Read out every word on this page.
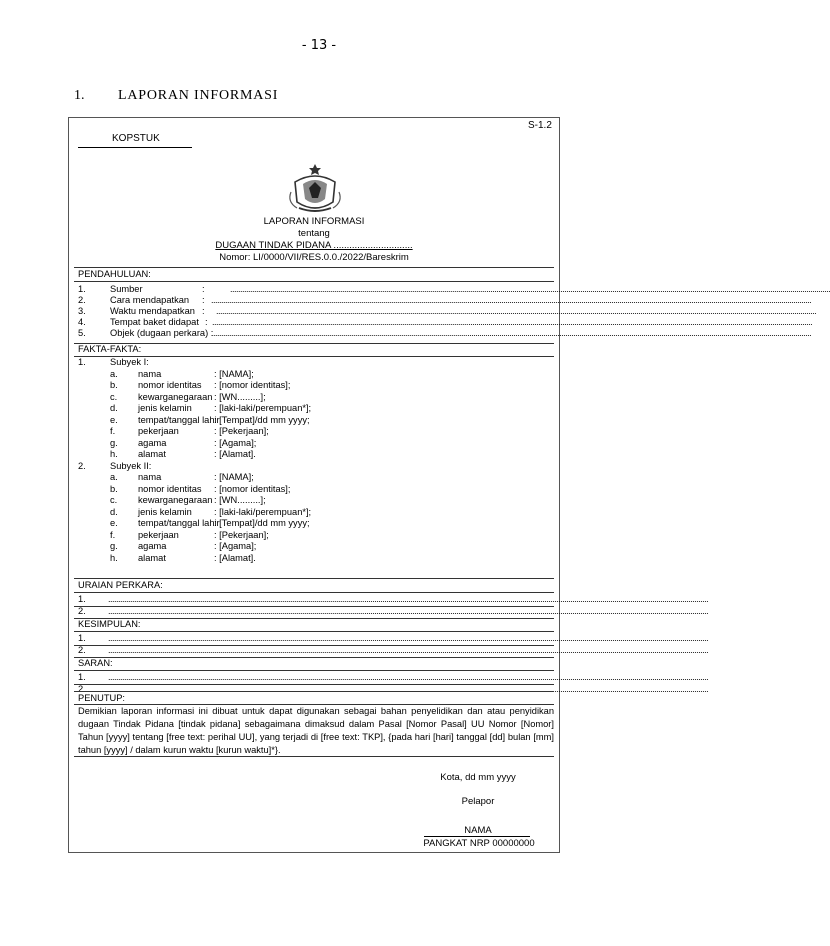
- 13 -
1. LAPORAN INFORMASI
S-1.2
KOPSTUK
LAPORAN INFORMASI
tentang
DUGAAN TINDAK PIDANA ..............................
Nomor: LI/0000/VII/RES.0.0./2022/Bareskrim
PENDAHULUAN:
1.	Sumber	:	............................................................................................................................................................................................................................................................................................................
2.	Cara mendapatkan : ............................................................................................................................................................................................................................................................................................................
3.	Waktu mendapatkan : ............................................................................................................................................................................................................................................................................................................
4.	Tempat baket didapat : ............................................................................................................................................................................................................................................................................................................
5.	Objek (dugaan perkara) :
............................................................................................................................................................................................................................................................................................................
FAKTA-FAKTA:
1.	Subyek I:
a. nama	: [NAMA];
b. nomor identitas : [nomor identitas];
c. kewarganegaraan : [WN.........];
d. jenis kelamin : [laki-laki/perempuan*];
e. tempat/tanggal lahir
: [Tempat]/dd mm yyyy;
f. pekerjaan	: [Pekerjaan];
g. agama	: [Agama];
h. alamat	: [Alamat].
2.	Subyek II:
a. nama	: [NAMA];
b. nomor identitas : [nomor identitas];
c. kewarganegaraan : [WN.........];
d. jenis kelamin : [laki-laki/perempuan*];
e. tempat/tanggal lahir
: [Tempat]/dd mm yyyy;
f. pekerjaan	: [Pekerjaan];
g. agama	: [Agama];
h. alamat	: [Alamat].
URAIAN PERKARA:
1. ............................................................................................................................................................................................................................................................................................................
2. ............................................................................................................................................................................................................................................................................................................
KESIMPULAN:
1. ............................................................................................................................................................................................................................................................................................................
2. ............................................................................................................................................................................................................................................................................................................
SARAN:
1. ............................................................................................................................................................................................................................................................................................................
2. ............................................................................................................................................................................................................................................................................................................
PENUTUP:
Demikian laporan informasi ini dibuat untuk dapat digunakan sebagai bahan penyelidikan dan atau penyidikan dugaan Tindak Pidana [tindak pidana] sebagaimana dimaksud dalam Pasal [Nomor Pasal] UU Nomor [Nomor] Tahun [yyyy] tentang [free text: perihal UU], yang terjadi di [free text: TKP], {pada hari [hari] tanggal [dd] bulan [mm] tahun [yyyy] / dalam kurun waktu [kurun waktu]*}.
Kota, dd mm yyyy
Pelapor
NAMA
PANGKAT NRP 00000000
